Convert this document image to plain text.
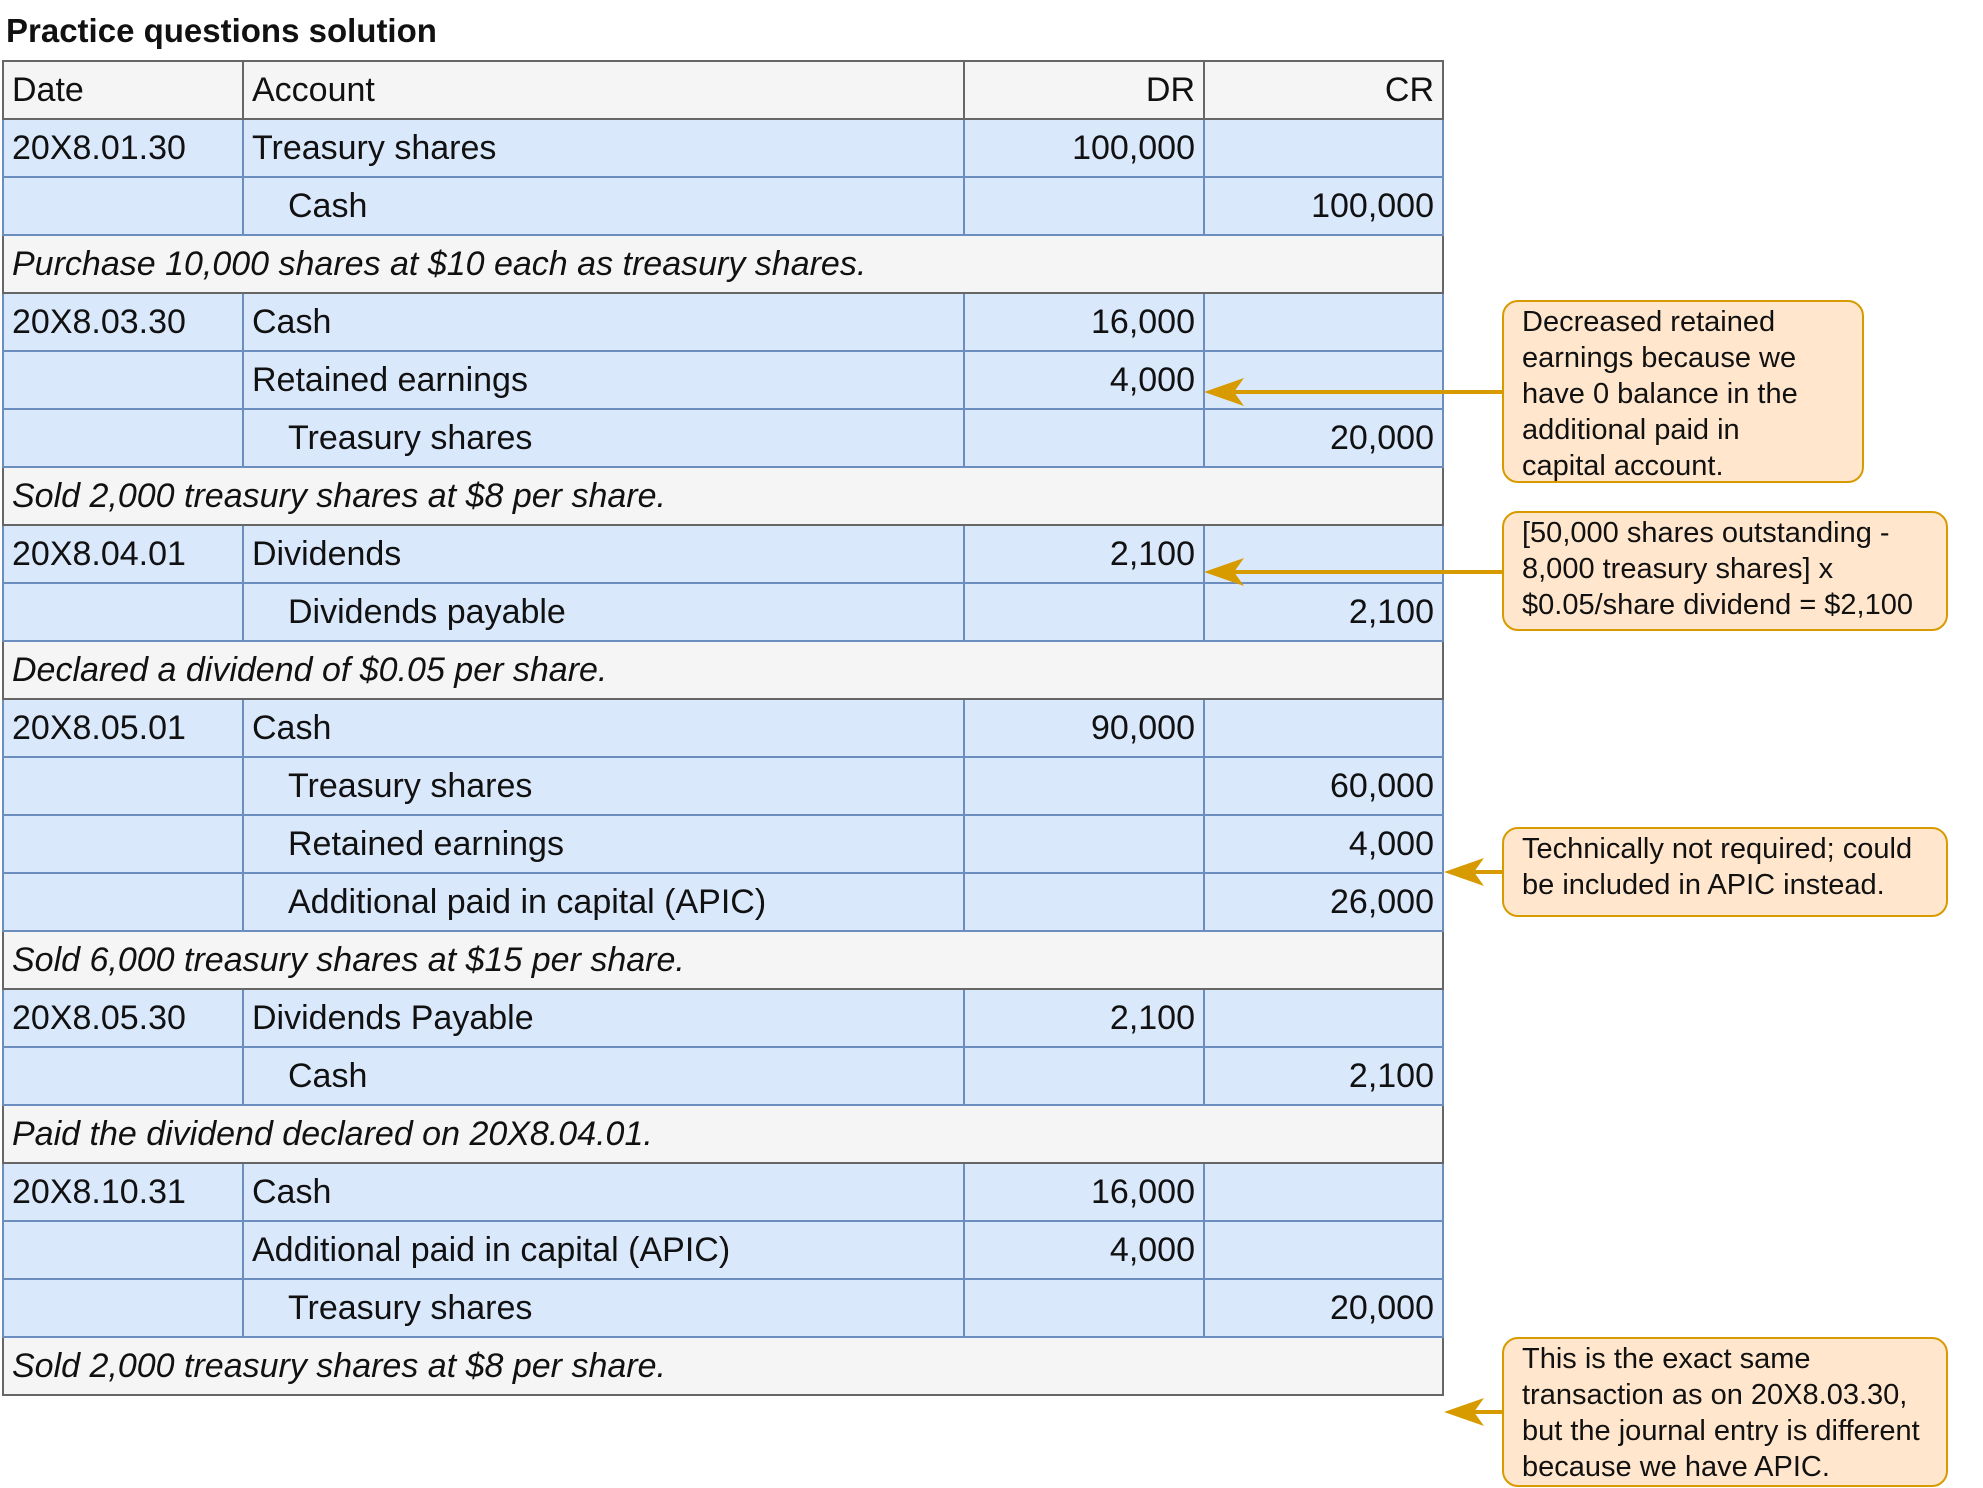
Practice questions solution
Date	Account	DR	CR
20X8.01.30	Treasury shares	100,000	
	Cash		100,000
Purchase 10,000 shares at $10 each as treasury shares.			
20X8.03.30	Cash	16,000	
	Retained earnings	4,000	
	Treasury shares		20,000
Sold 2,000 treasury shares at $8 per share.			
20X8.04.01	Dividends	2,100	
	Dividends payable		2,100
Declared a dividend of $0.05 per share.			
20X8.05.01	Cash	90,000	
	Treasury shares		60,000
	Retained earnings		4,000
	Additional paid in capital (APIC)		26,000
Sold 6,000 treasury shares at $15 per share.			
20X8.05.30	Dividends Payable	2,100	
	Cash		2,100
Paid the dividend declared on 20X8.04.01.			
20X8.10.31	Cash	16,000	
	Additional paid in capital (APIC)	4,000	
	Treasury shares		20,000
Sold 2,000 treasury shares at $8 per share.			
Decreased retained
earnings because we
have 0 balance in the
additional paid in
capital account.
[50,000 shares outstanding -
8,000 treasury shares] x
$0.05/share dividend = $2,100
Technically not required; could
be included in APIC instead.
This is the exact same
transaction as on 20X8.03.30,
but the journal entry is different
because we have APIC.
